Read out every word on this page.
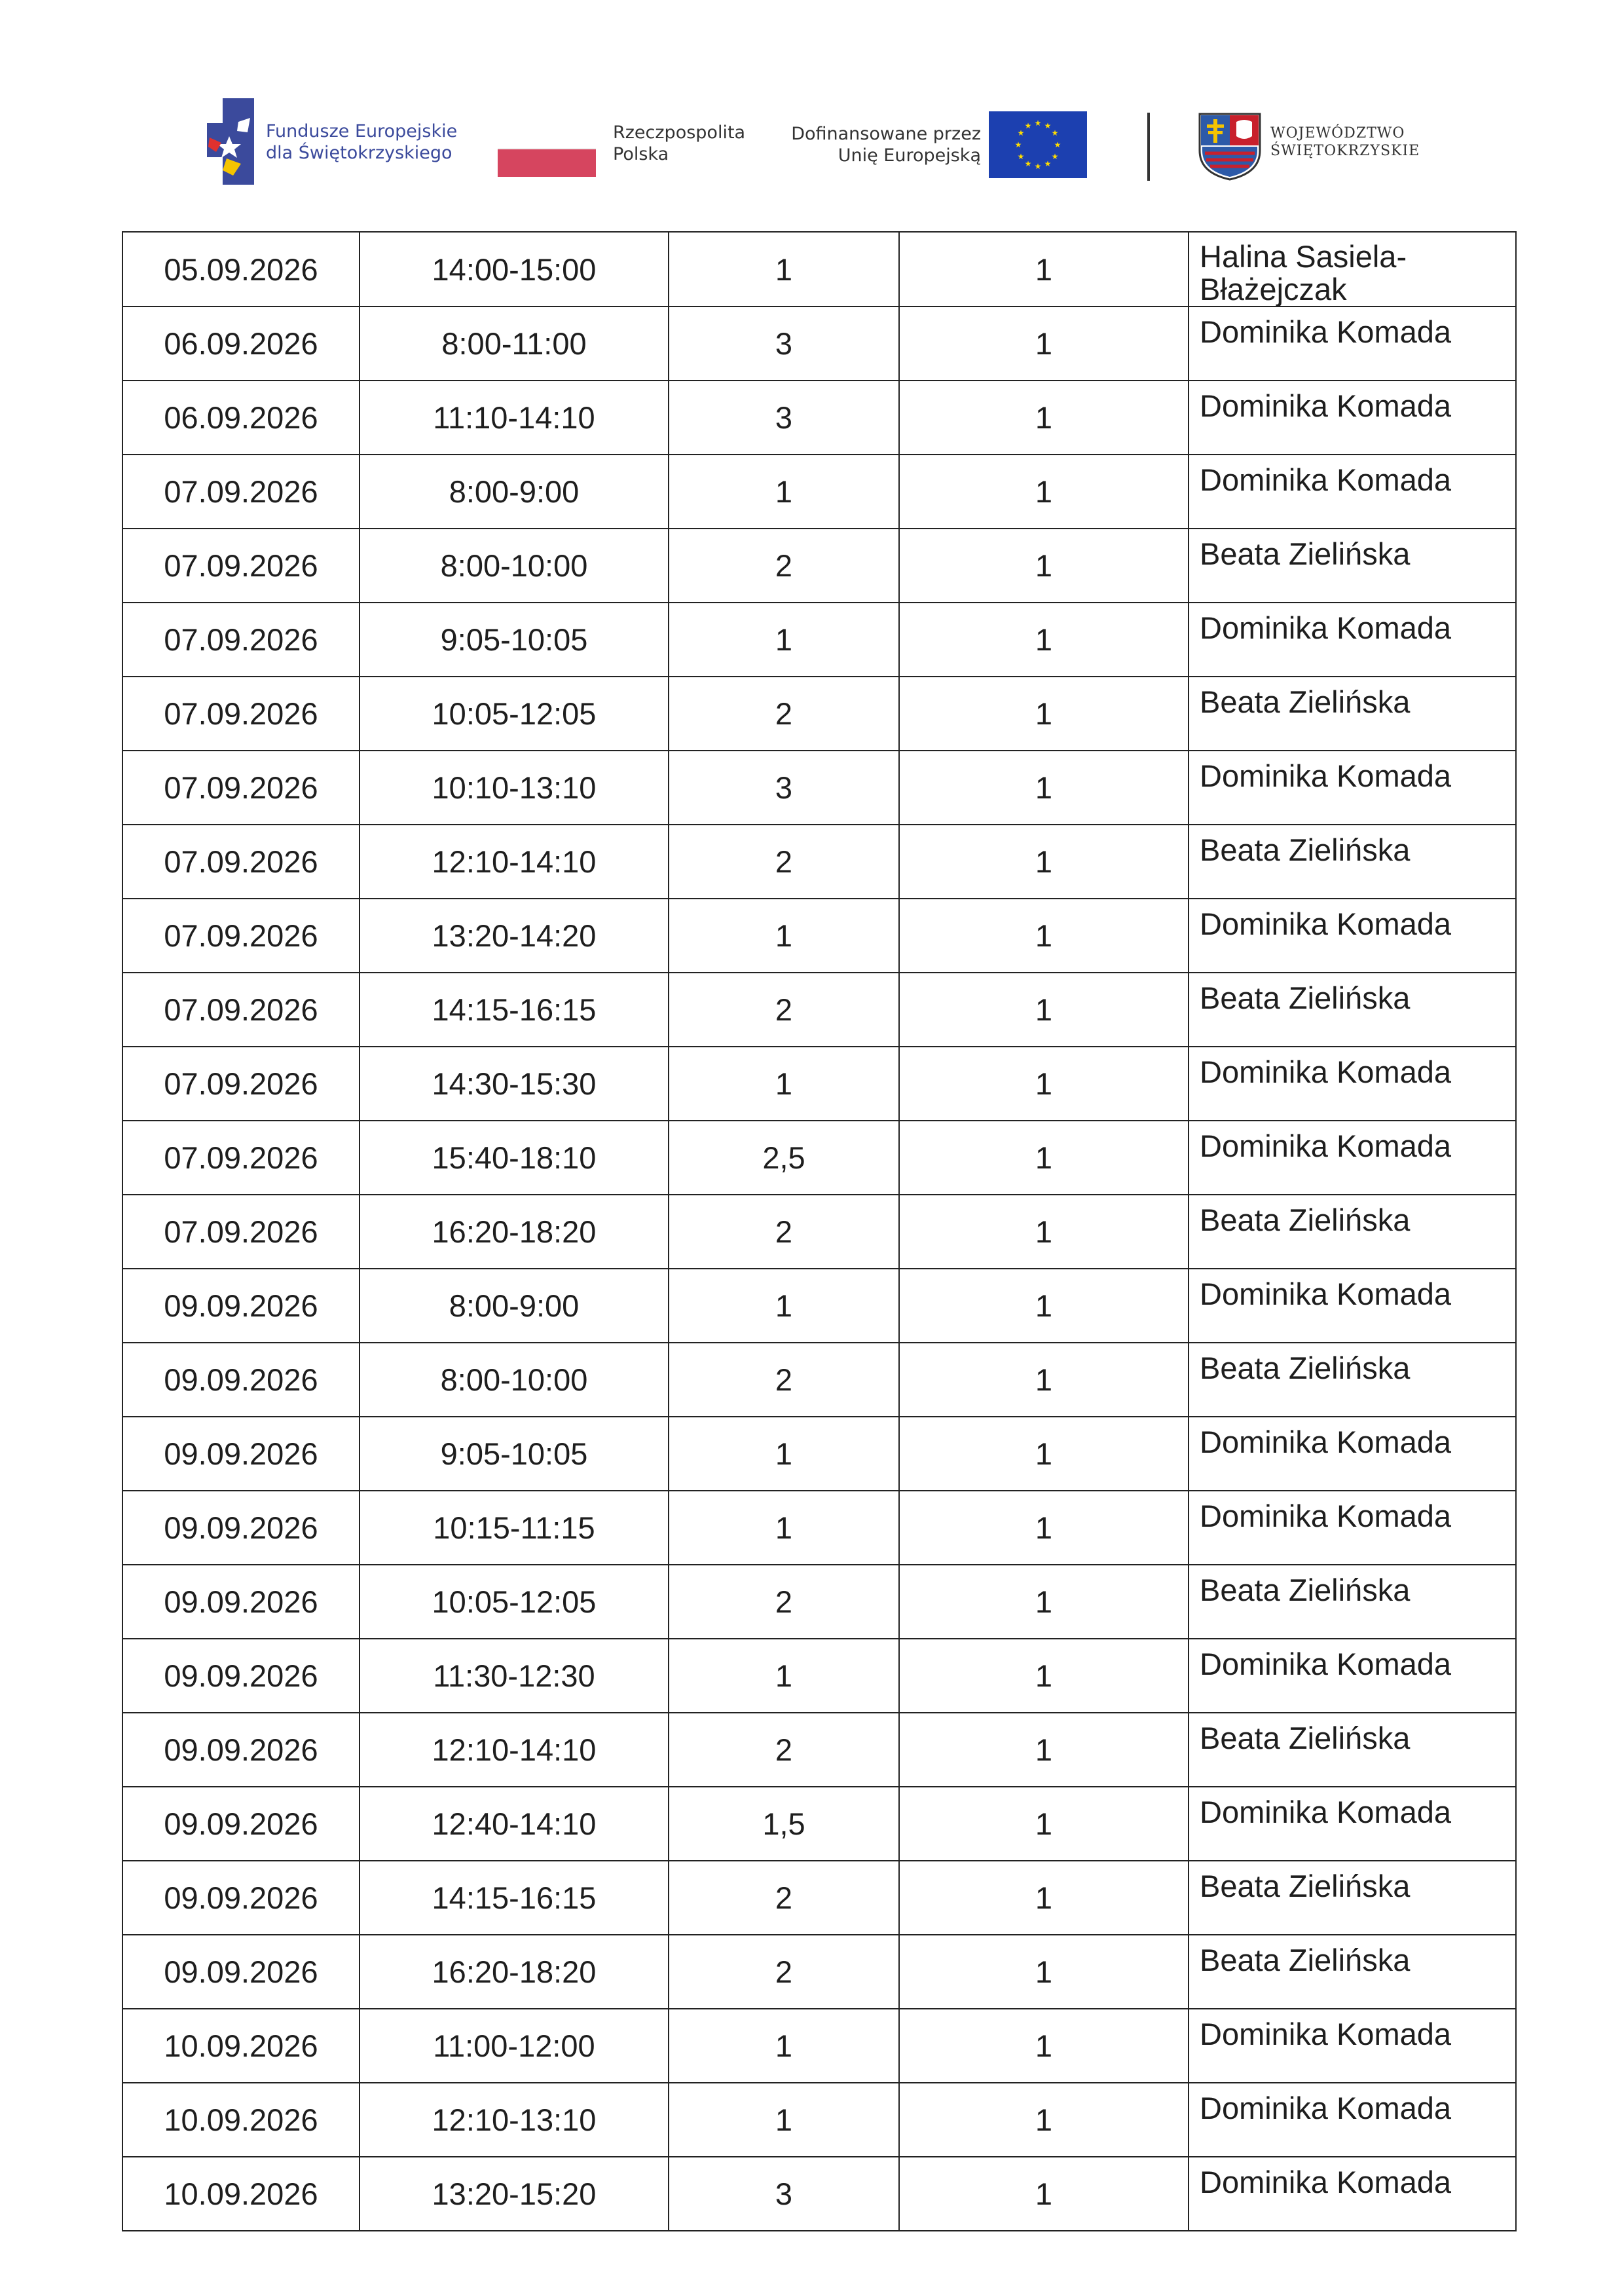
Fundusze Europejskie
dla Świętokrzyskiego
Rzeczpospolita
Polska
Dofinansowane przez
Unię Europejską
★ ★
★
★
★
★
★
★
★
★
★
★	WOJEWÓDZTWO
ŚWIĘTOKRZYSKIE
05.09.2026	14:00-15:00	1	1	Halina Sasiela-Błażejczak
06.09.2026	8:00-11:00	3	1	Dominika Komada
06.09.2026	11:10-14:10	3	1	Dominika Komada
07.09.2026	8:00-9:00	1	1	Dominika Komada
07.09.2026	8:00-10:00	2	1	Beata Zielińska
07.09.2026	9:05-10:05	1	1	Dominika Komada
07.09.2026	10:05-12:05	2	1	Beata Zielińska
07.09.2026	10:10-13:10	3	1	Dominika Komada
07.09.2026	12:10-14:10	2	1	Beata Zielińska
07.09.2026	13:20-14:20	1	1	Dominika Komada
07.09.2026	14:15-16:15	2	1	Beata Zielińska
07.09.2026	14:30-15:30	1	1	Dominika Komada
07.09.2026	15:40-18:10	2,5	1	Dominika Komada
07.09.2026	16:20-18:20	2	1	Beata Zielińska
09.09.2026	8:00-9:00	1	1	Dominika Komada
09.09.2026	8:00-10:00	2	1	Beata Zielińska
09.09.2026	9:05-10:05	1	1	Dominika Komada
09.09.2026	10:15-11:15	1	1	Dominika Komada
09.09.2026	10:05-12:05	2	1	Beata Zielińska
09.09.2026	11:30-12:30	1	1	Dominika Komada
09.09.2026	12:10-14:10	2	1	Beata Zielińska
09.09.2026	12:40-14:10	1,5	1	Dominika Komada
09.09.2026	14:15-16:15	2	1	Beata Zielińska
09.09.2026	16:20-18:20	2	1	Beata Zielińska
10.09.2026	11:00-12:00	1	1	Dominika Komada
10.09.2026	12:10-13:10	1	1	Dominika Komada
10.09.2026	13:20-15:20	3	1	Dominika Komada
